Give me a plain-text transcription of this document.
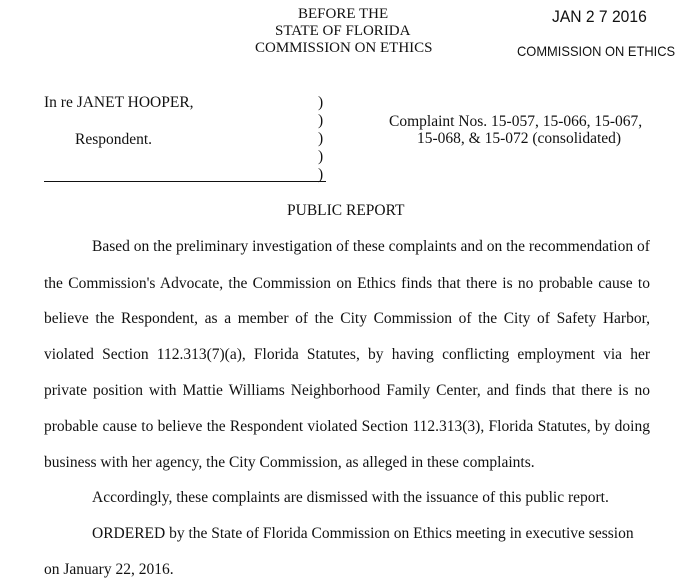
BEFORE THE
STATE OF FLORIDA
COMMISSION ON ETHICS
JAN 2 7 2016
COMMISSION ON ETHICS
In re JANET HOOPER,
Respondent.
)
)
)
)
)
Complaint Nos. 15-057, 15-066, 15-067,
15-068, & 15-072 (consolidated)
PUBLIC REPORT
Based on the preliminary investigation of these complaints and on the recommendation of
the Commission's Advocate, the Commission on Ethics finds that there is no probable cause to
believe the Respondent, as a member of the City Commission of the City of Safety Harbor,
violated Section 112.313(7)(a), Florida Statutes, by having conflicting employment via her
private position with Mattie Williams Neighborhood Family Center, and finds that there is no
probable cause to believe the Respondent violated Section 112.313(3), Florida Statutes, by doing
business with her agency, the City Commission, as alleged in these complaints.
Accordingly, these complaints are dismissed with the issuance of this public report.
ORDERED by the State of Florida Commission on Ethics meeting in executive session
on January 22, 2016.
